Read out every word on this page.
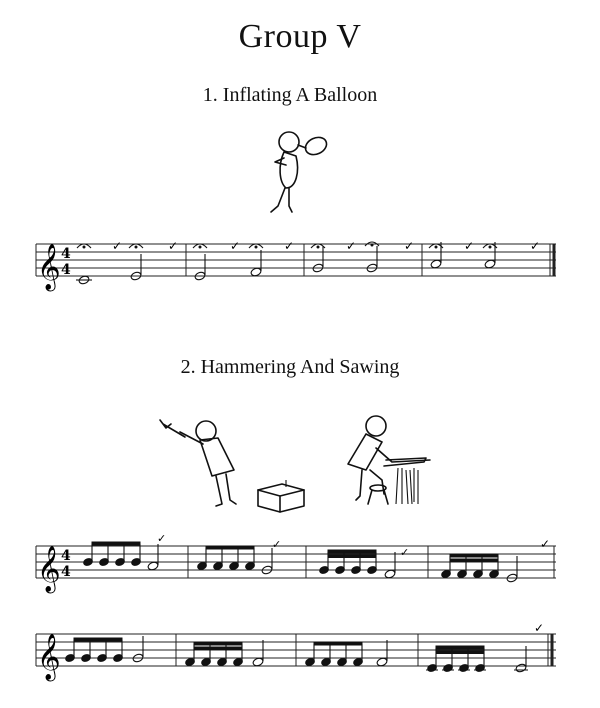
Group V
1. Inflating A Balloon
2. Hammering And Sawing
𝄞 4
4
✓	✓	✓	✓	✓	✓	✓	✓
𝄞 4
4
✓	✓
✓
✓
𝄞
✓
